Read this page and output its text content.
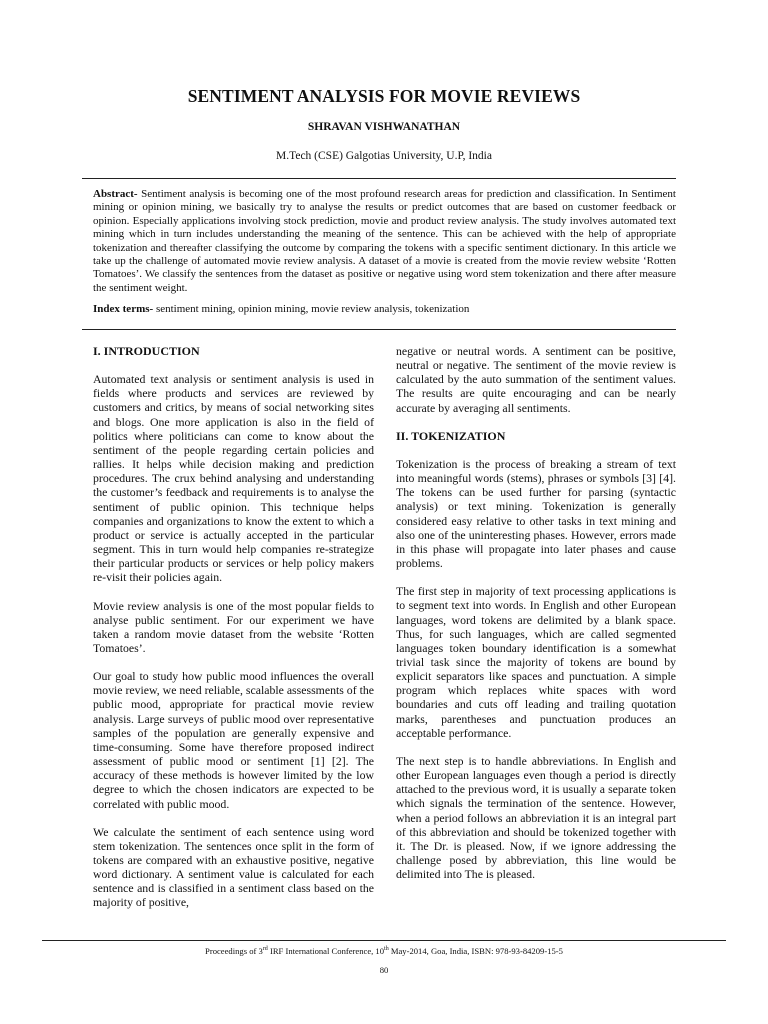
SENTIMENT ANALYSIS FOR MOVIE REVIEWS
SHRAVAN VISHWANATHAN
M.Tech (CSE) Galgotias University, U.P, India
Abstract- Sentiment analysis is becoming one of the most profound research areas for prediction and classification. In Sentiment mining or opinion mining, we basically try to analyse the results or predict outcomes that are based on customer feedback or opinion. Especially applications involving stock prediction, movie and product review analysis. The study involves automated text mining which in turn includes understanding the meaning of the sentence. This can be achieved with the help of appropriate tokenization and thereafter classifying the outcome by comparing the tokens with a specific sentiment dictionary. In this article we take up the challenge of automated movie review analysis. A dataset of a movie is created from the movie review website ‘Rotten Tomatoes’. We classify the sentences from the dataset as positive or negative using word stem tokenization and there after measure the sentiment weight.
Index terms- sentiment mining, opinion mining, movie review analysis, tokenization
I. INTRODUCTION

Automated text analysis or sentiment analysis is used in fields where products and services are reviewed by customers and critics, by means of social networking sites and blogs. One more application is also in the field of politics where politicians can come to know about the sentiment of the people regarding certain policies and rallies. It helps while decision making and prediction procedures. The crux behind analysing and understanding the customer’s feedback and requirements is to analyse the sentiment of public opinion. This technique helps companies and organizations to know the extent to which a product or service is actually accepted in the particular segment. This in turn would help companies re-strategize their particular products or services or help policy makers re-visit their policies again.

Movie review analysis is one of the most popular fields to analyse public sentiment. For our experiment we have taken a random movie dataset from the website ‘Rotten Tomatoes’.

Our goal to study how public mood influences the overall movie review, we need reliable, scalable assessments of the public mood, appropriate for practical movie review analysis. Large surveys of public mood over representative samples of the population are generally expensive and time-consuming. Some have therefore proposed indirect assessment of public mood or sentiment [1] [2]. The accuracy of these methods is however limited by the low degree to which the chosen indicators are expected to be correlated with public mood.

We calculate the sentiment of each sentence using word stem tokenization. The sentences once split in the form of tokens are compared with an exhaustive positive, negative word dictionary. A sentiment value is calculated for each sentence and is classified in a sentiment class based on the majority of positive,

negative or neutral words. A sentiment can be positive, neutral or negative. The sentiment of the movie review is calculated by the auto summation of the sentiment values. The results are quite encouraging and can be nearly accurate by averaging all sentiments.

II. TOKENIZATION

Tokenization is the process of breaking a stream of text into meaningful words (stems), phrases or symbols [3] [4]. The tokens can be used further for parsing (syntactic analysis) or text mining. Tokenization is generally considered easy relative to other tasks in text mining and also one of the uninteresting phases. However, errors made in this phase will propagate into later phases and cause problems.

The first step in majority of text processing applications is to segment text into words. In English and other European languages, word tokens are delimited by a blank space. Thus, for such languages, which are called segmented languages token boundary identification is a somewhat trivial task since the majority of tokens are bound by explicit separators like spaces and punctuation. A simple program which replaces white spaces with word boundaries and cuts off leading and trailing quotation marks, parentheses and punctuation produces an acceptable performance.

The next step is to handle abbreviations. In English and other European languages even though a period is directly attached to the previous word, it is usually a separate token which signals the termination of the sentence. However, when a period follows an abbreviation it is an integral part of this abbreviation and should be tokenized together with it. The Dr. is pleased. Now, if we ignore addressing the challenge posed by abbreviation, this line would be delimited into The is pleased.

Proceedings of 3rd IRF International Conference, 10th May-2014, Goa, India, ISBN: 978-93-84209-15-5
80
